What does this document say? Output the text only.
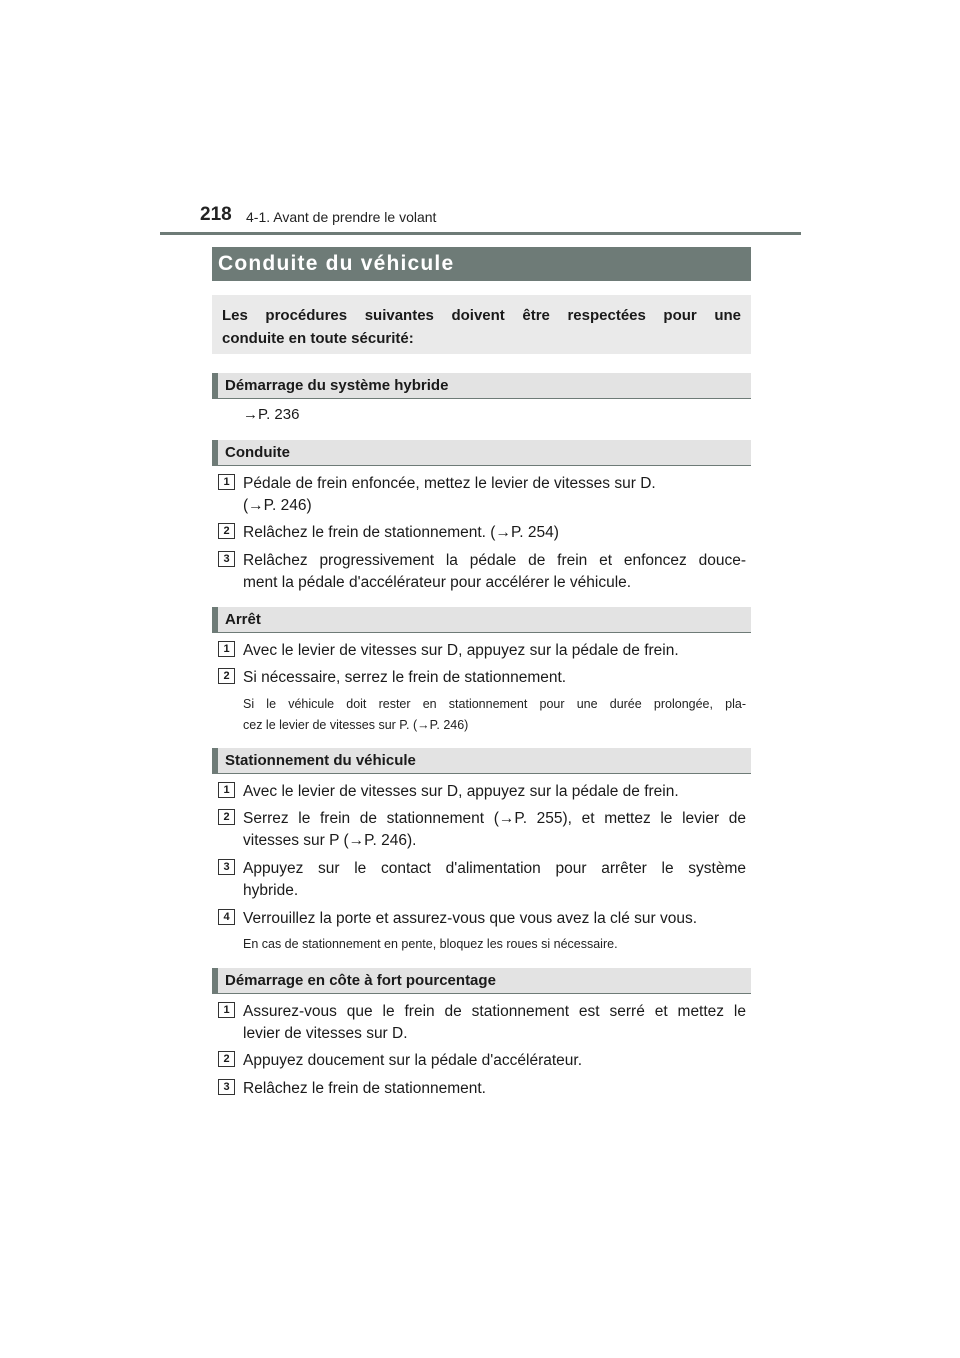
218 4-1. Avant de prendre le volant
Conduite du véhicule
Les procédures suivantes doivent être respectées pour une
conduite en toute sécurité:
Démarrage du système hybride
→P. 236
Conduite
1 Pédale de frein enfoncée, mettez le levier de vitesses sur D.
(→P. 246)
2 Relâchez le frein de stationnement. (→P. 254)
3 Relâchez progressivement la pédale de frein et enfoncez douce-
ment la pédale d'accélérateur pour accélérer le véhicule.
Arrêt
1 Avec le levier de vitesses sur D, appuyez sur la pédale de frein.
2 Si nécessaire, serrez le frein de stationnement.
Si le véhicule doit rester en stationnement pour une durée prolongée, pla-
cez le levier de vitesses sur P. (→P. 246)
Stationnement du véhicule
1 Avec le levier de vitesses sur D, appuyez sur la pédale de frein.
2 Serrez le frein de stationnement (→P. 255), et mettez le levier de
vitesses sur P (→P. 246).
3 Appuyez sur le contact d'alimentation pour arrêter le système
hybride.
4 Verrouillez la porte et assurez-vous que vous avez la clé sur vous.
En cas de stationnement en pente, bloquez les roues si nécessaire.
Démarrage en côte à fort pourcentage
1 Assurez-vous que le frein de stationnement est serré et mettez le
levier de vitesses sur D.
2 Appuyez doucement sur la pédale d'accélérateur.
3 Relâchez le frein de stationnement.
